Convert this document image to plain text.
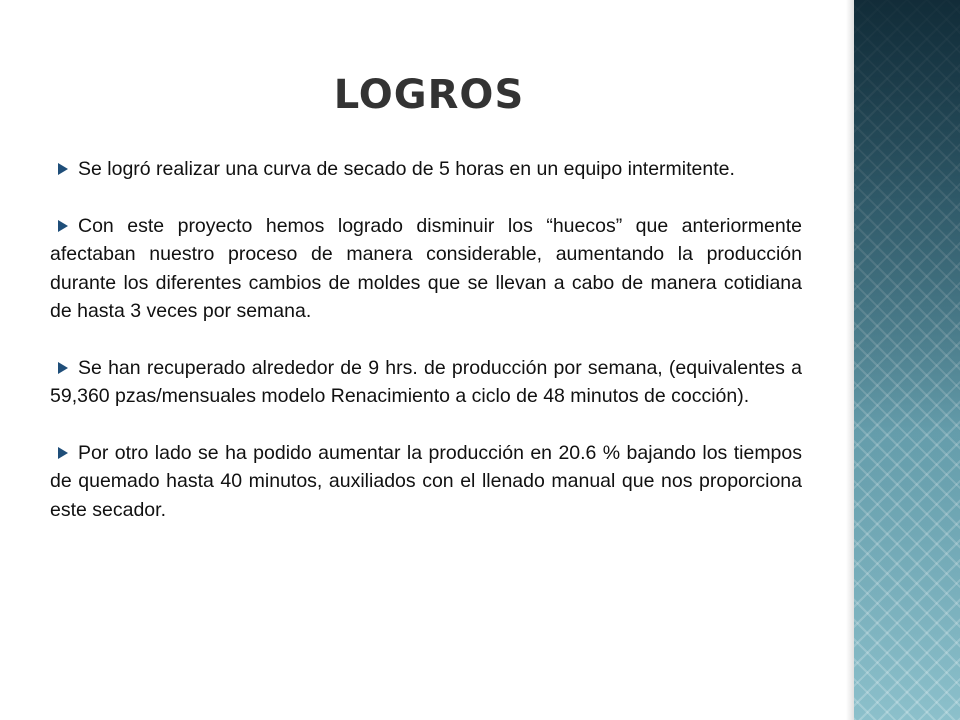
LOGROS

Se logró realizar una curva de secado de 5 horas en un equipo intermitente.

Con este proyecto hemos logrado disminuir los “huecos” que anteriormente afectaban nuestro proceso de manera considerable, aumentando la producción durante los diferentes cambios de moldes que se llevan a cabo de manera cotidiana de hasta 3 veces por semana.

Se han recuperado alrededor de 9 hrs. de producción por semana, (equivalentes a 59,360 pzas/mensuales modelo Renacimiento a ciclo de 48 minutos de cocción).

Por otro lado se ha podido aumentar la producción en 20.6 % bajando los tiempos de quemado hasta 40 minutos, auxiliados con el llenado manual que nos proporciona este secador.
